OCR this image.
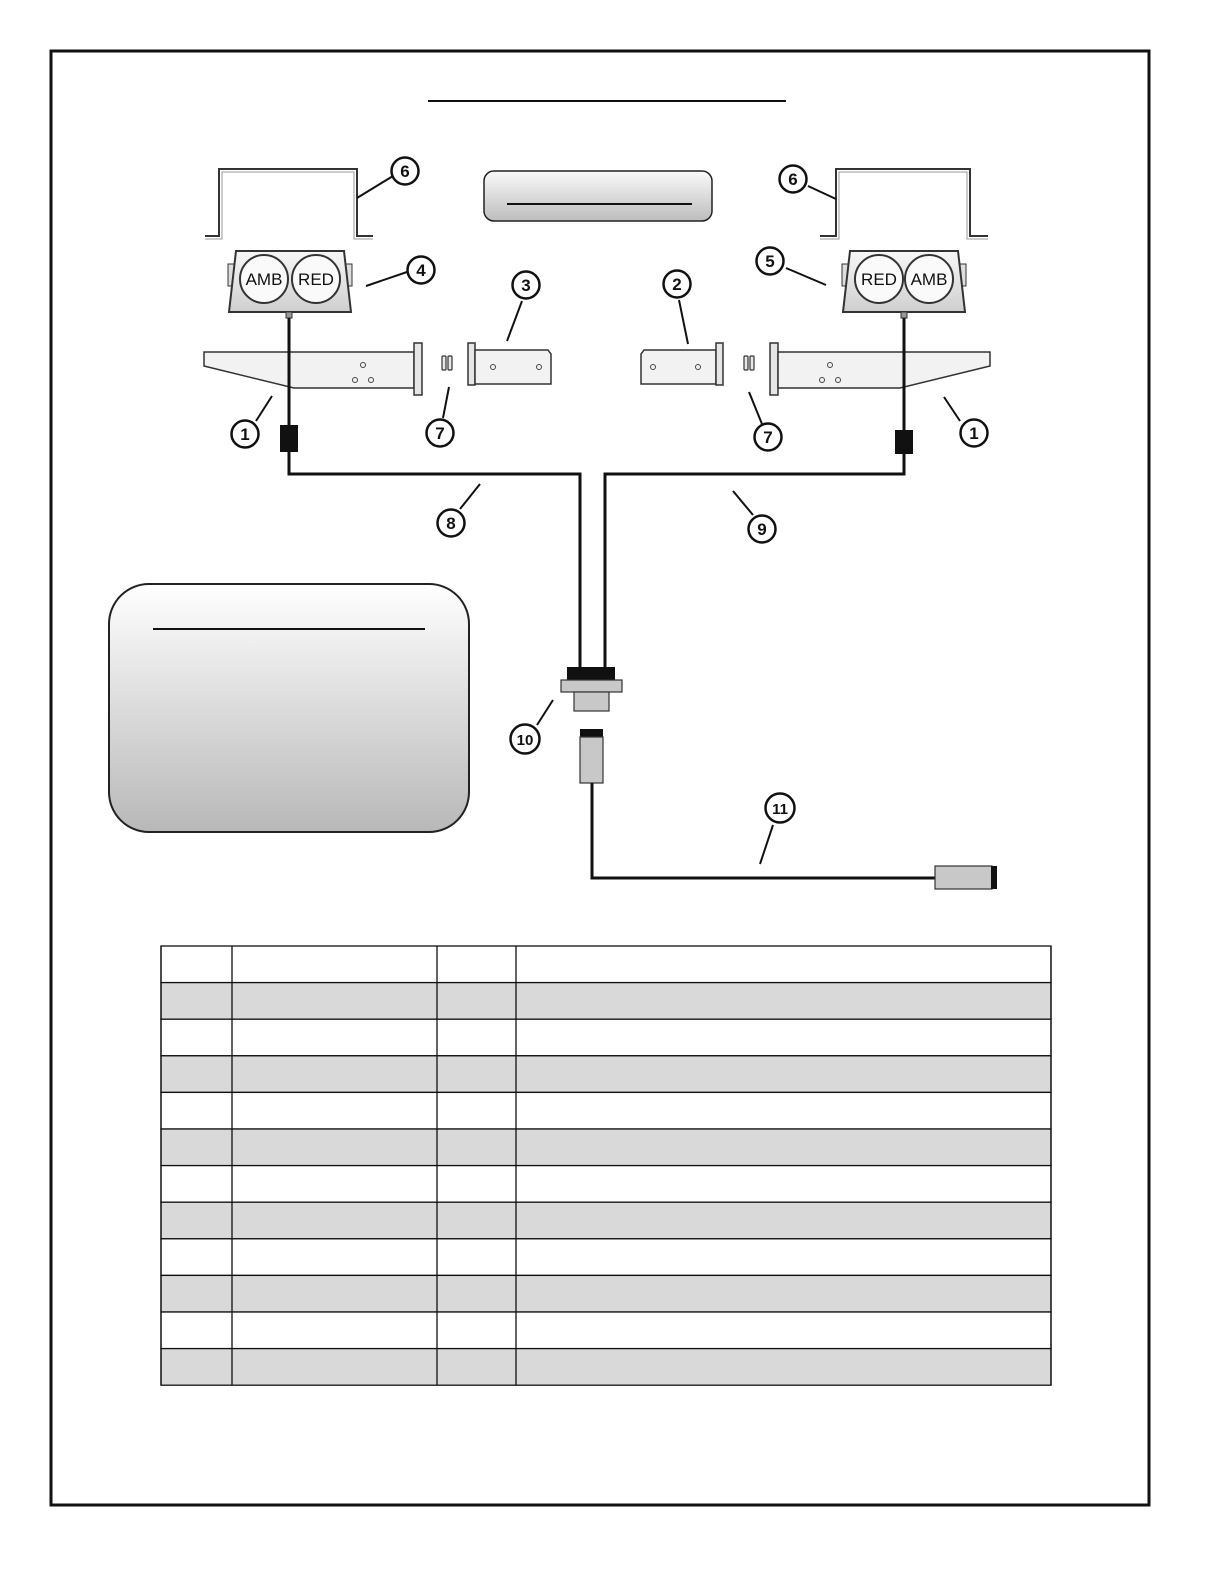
AMB RED	RED AMB
1	1
2
3
4	5
6	6
7	7
8	9
10
11
